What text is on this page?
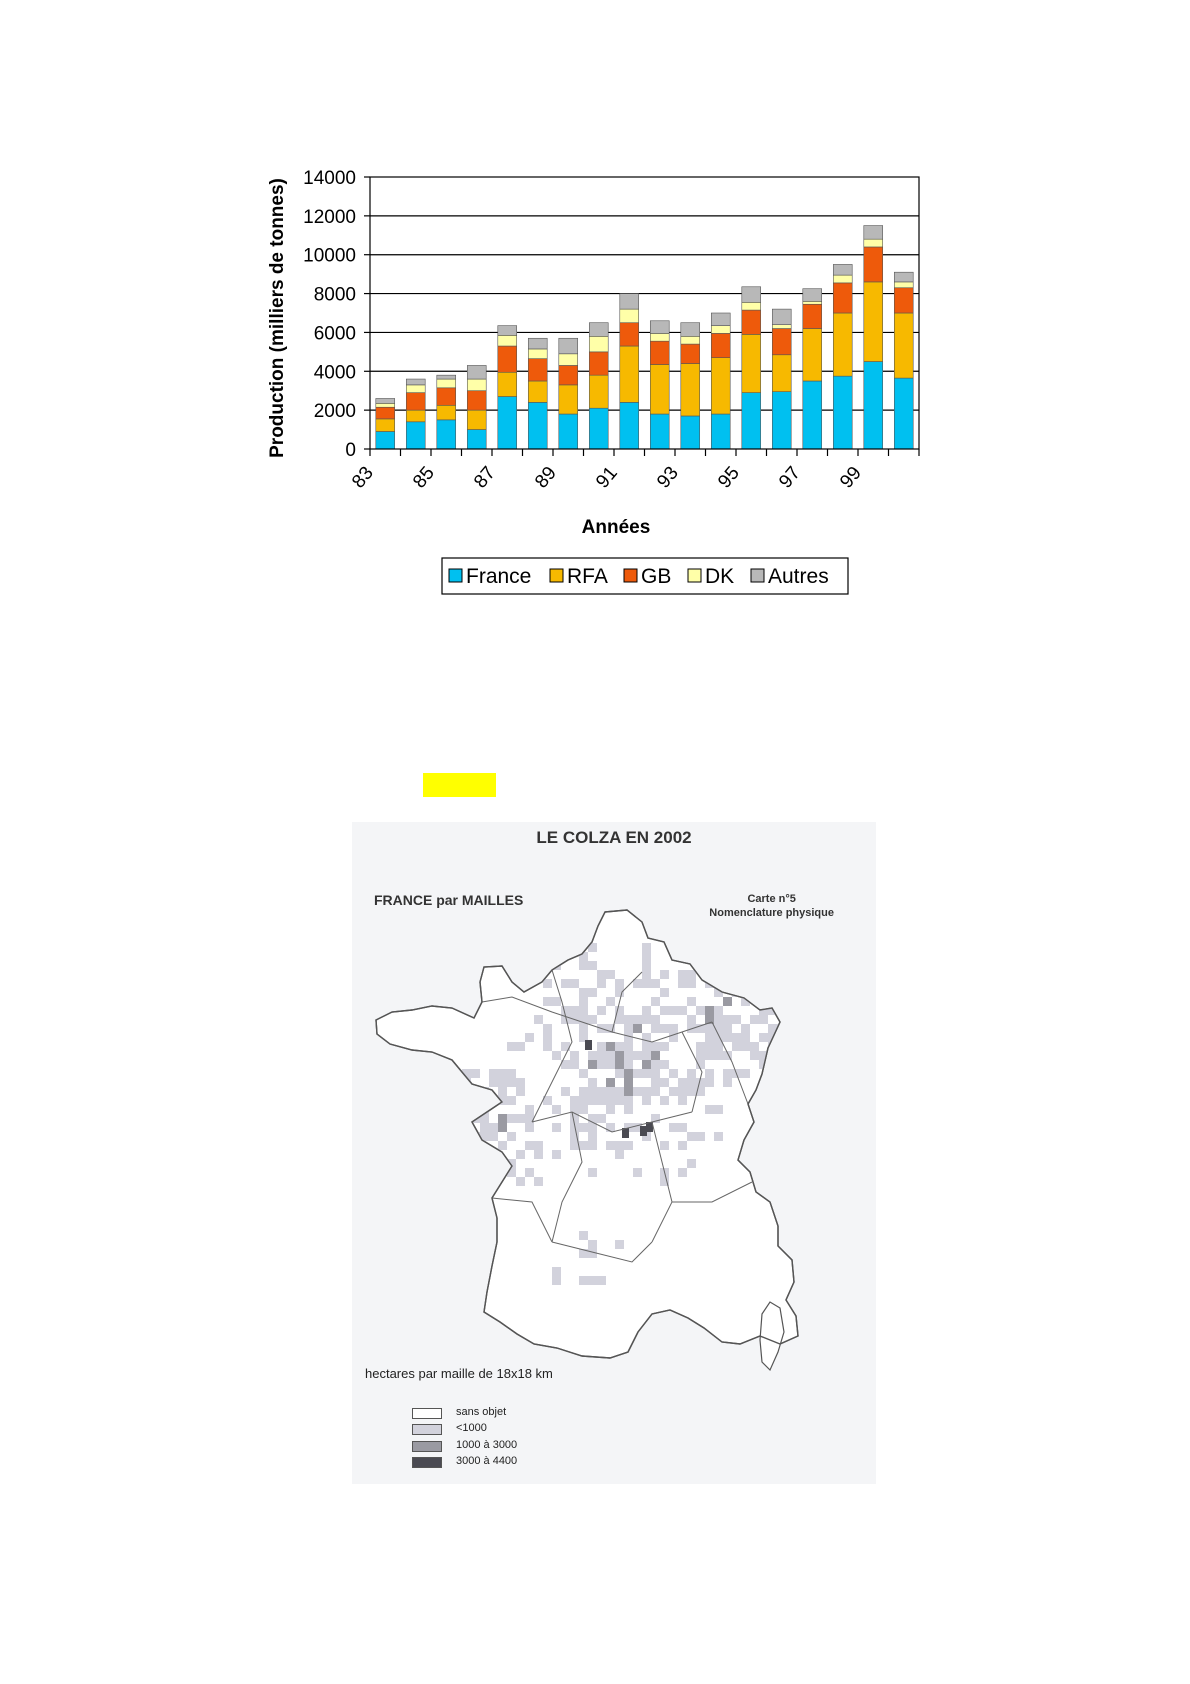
0
2000
4000
6000
8000
10000
12000
14000
83 85 87 89 91 93 95 97 99
Production (milliers de tonnes)
Années
France RFA GB DK Autres
LE COLZA EN 2002
FRANCE par MAILLES	Carte n°5
Nomenclature physique
hectares par maille de 18x18 km
sans objet
<1000
1000 à 3000
3000 à 4400
